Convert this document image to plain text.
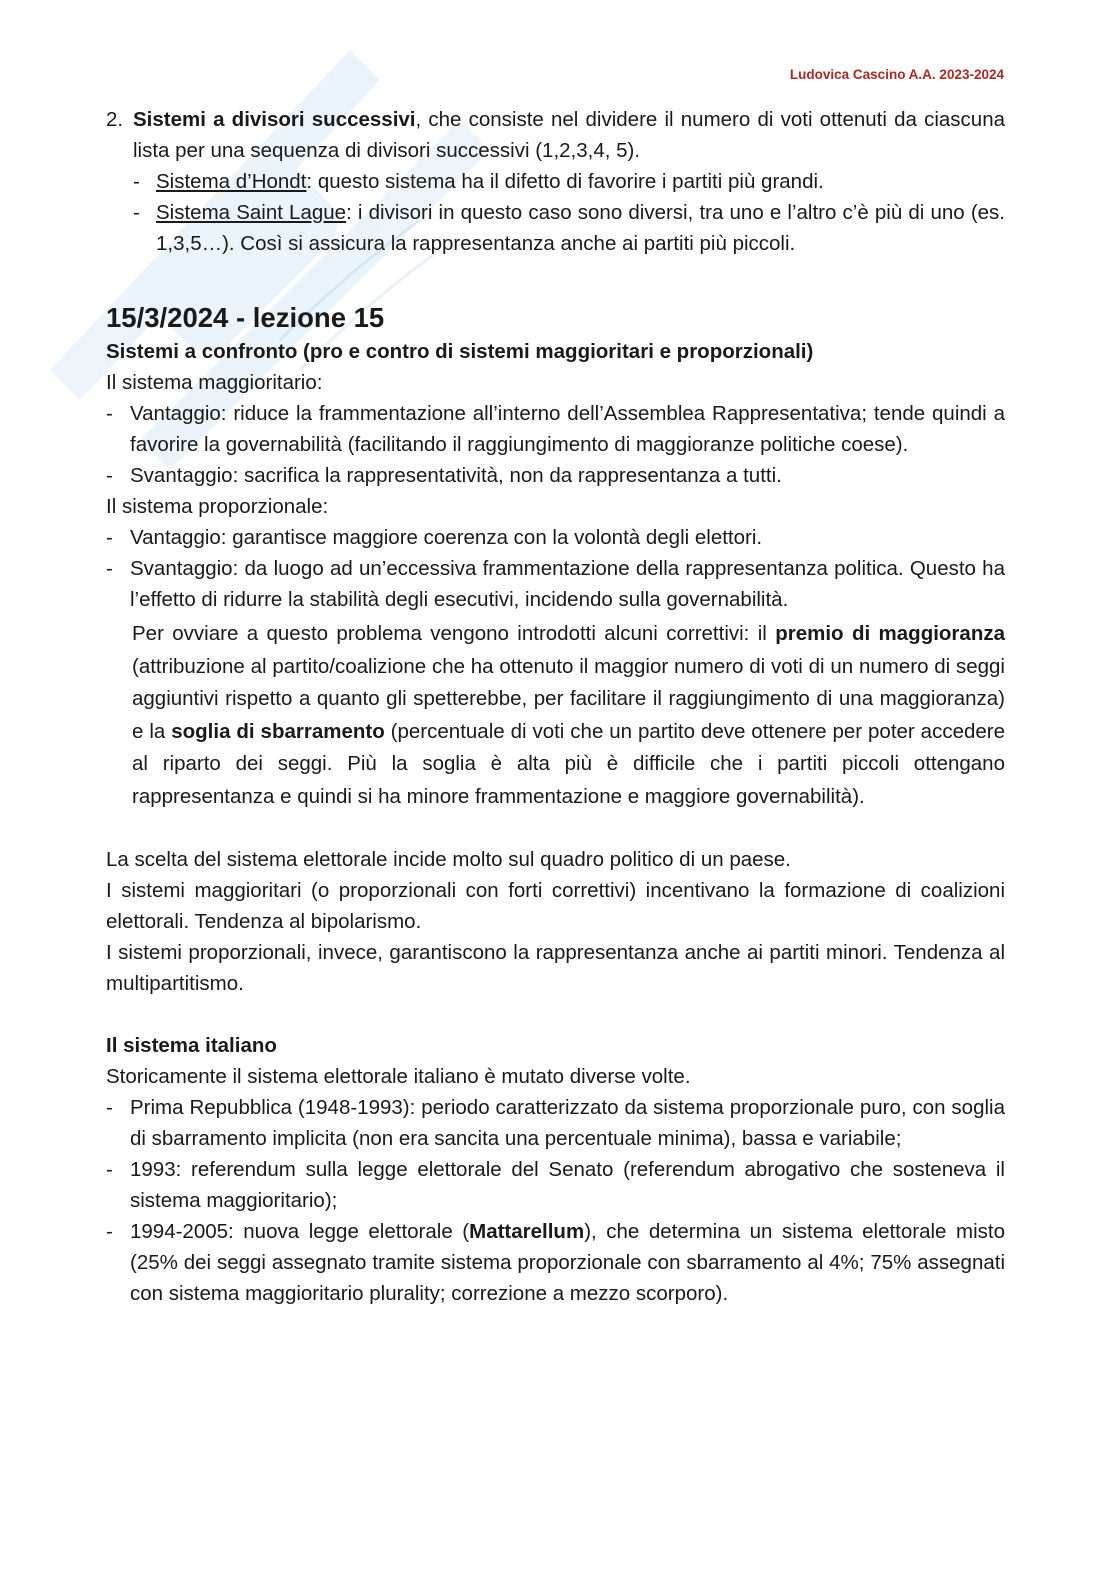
Ludovica Cascino A.A. 2023-2024
2. Sistemi a divisori successivi, che consiste nel dividere il numero di voti ottenuti da ciascuna lista per una sequenza di divisori successivi (1,2,3,4, 5).

- Sistema d’Hondt: questo sistema ha il difetto di favorire i partiti più grandi.

- Sistema Saint Lague: i divisori in questo caso sono diversi, tra uno e l’altro c’è più di uno (es. 1,3,5…). Così si assicura la rappresentanza anche ai partiti più piccoli.

15/3/2024 - lezione 15

Sistemi a confronto (pro e contro di sistemi maggioritari e proporzionali)

Il sistema maggioritario:

- Vantaggio: riduce la frammentazione all’interno dell’Assemblea Rappresentativa; tende quindi a favorire la governabilità (facilitando il raggiungimento di maggioranze politiche coese).

- Svantaggio: sacrifica la rappresentatività, non da rappresentanza a tutti.

Il sistema proporzionale:

- Vantaggio: garantisce maggiore coerenza con la volontà degli elettori.

- Svantaggio: da luogo ad un’eccessiva frammentazione della rappresentanza politica. Questo ha l’effetto di ridurre la stabilità degli esecutivi, incidendo sulla governabilità.

Per ovviare a questo problema vengono introdotti alcuni correttivi: il premio di maggioranza (attribuzione al partito/coalizione che ha ottenuto il maggior numero di voti di un numero di seggi aggiuntivi rispetto a quanto gli spetterebbe, per facilitare il raggiungimento di una maggioranza) e la soglia di sbarramento (percentuale di voti che un partito deve ottenere per poter accedere al riparto dei seggi. Più la soglia è alta più è difficile che i partiti piccoli ottengano rappresentanza e quindi si ha minore frammentazione e maggiore governabilità).

La scelta del sistema elettorale incide molto sul quadro politico di un paese.

I sistemi maggioritari (o proporzionali con forti correttivi) incentivano la formazione di coalizioni elettorali. Tendenza al bipolarismo.

I sistemi proporzionali, invece, garantiscono la rappresentanza anche ai partiti minori. Tendenza al multipartitismo.

Il sistema italiano

Storicamente il sistema elettorale italiano è mutato diverse volte.

- Prima Repubblica (1948-1993): periodo caratterizzato da sistema proporzionale puro, con soglia di sbarramento implicita (non era sancita una percentuale minima), bassa e variabile;

- 1993: referendum sulla legge elettorale del Senato (referendum abrogativo che sosteneva il sistema maggioritario);

- 1994-2005: nuova legge elettorale (Mattarellum), che determina un sistema elettorale misto (25% dei seggi assegnato tramite sistema proporzionale con sbarramento al 4%; 75% assegnati con sistema maggioritario plurality; correzione a mezzo scorporo).
